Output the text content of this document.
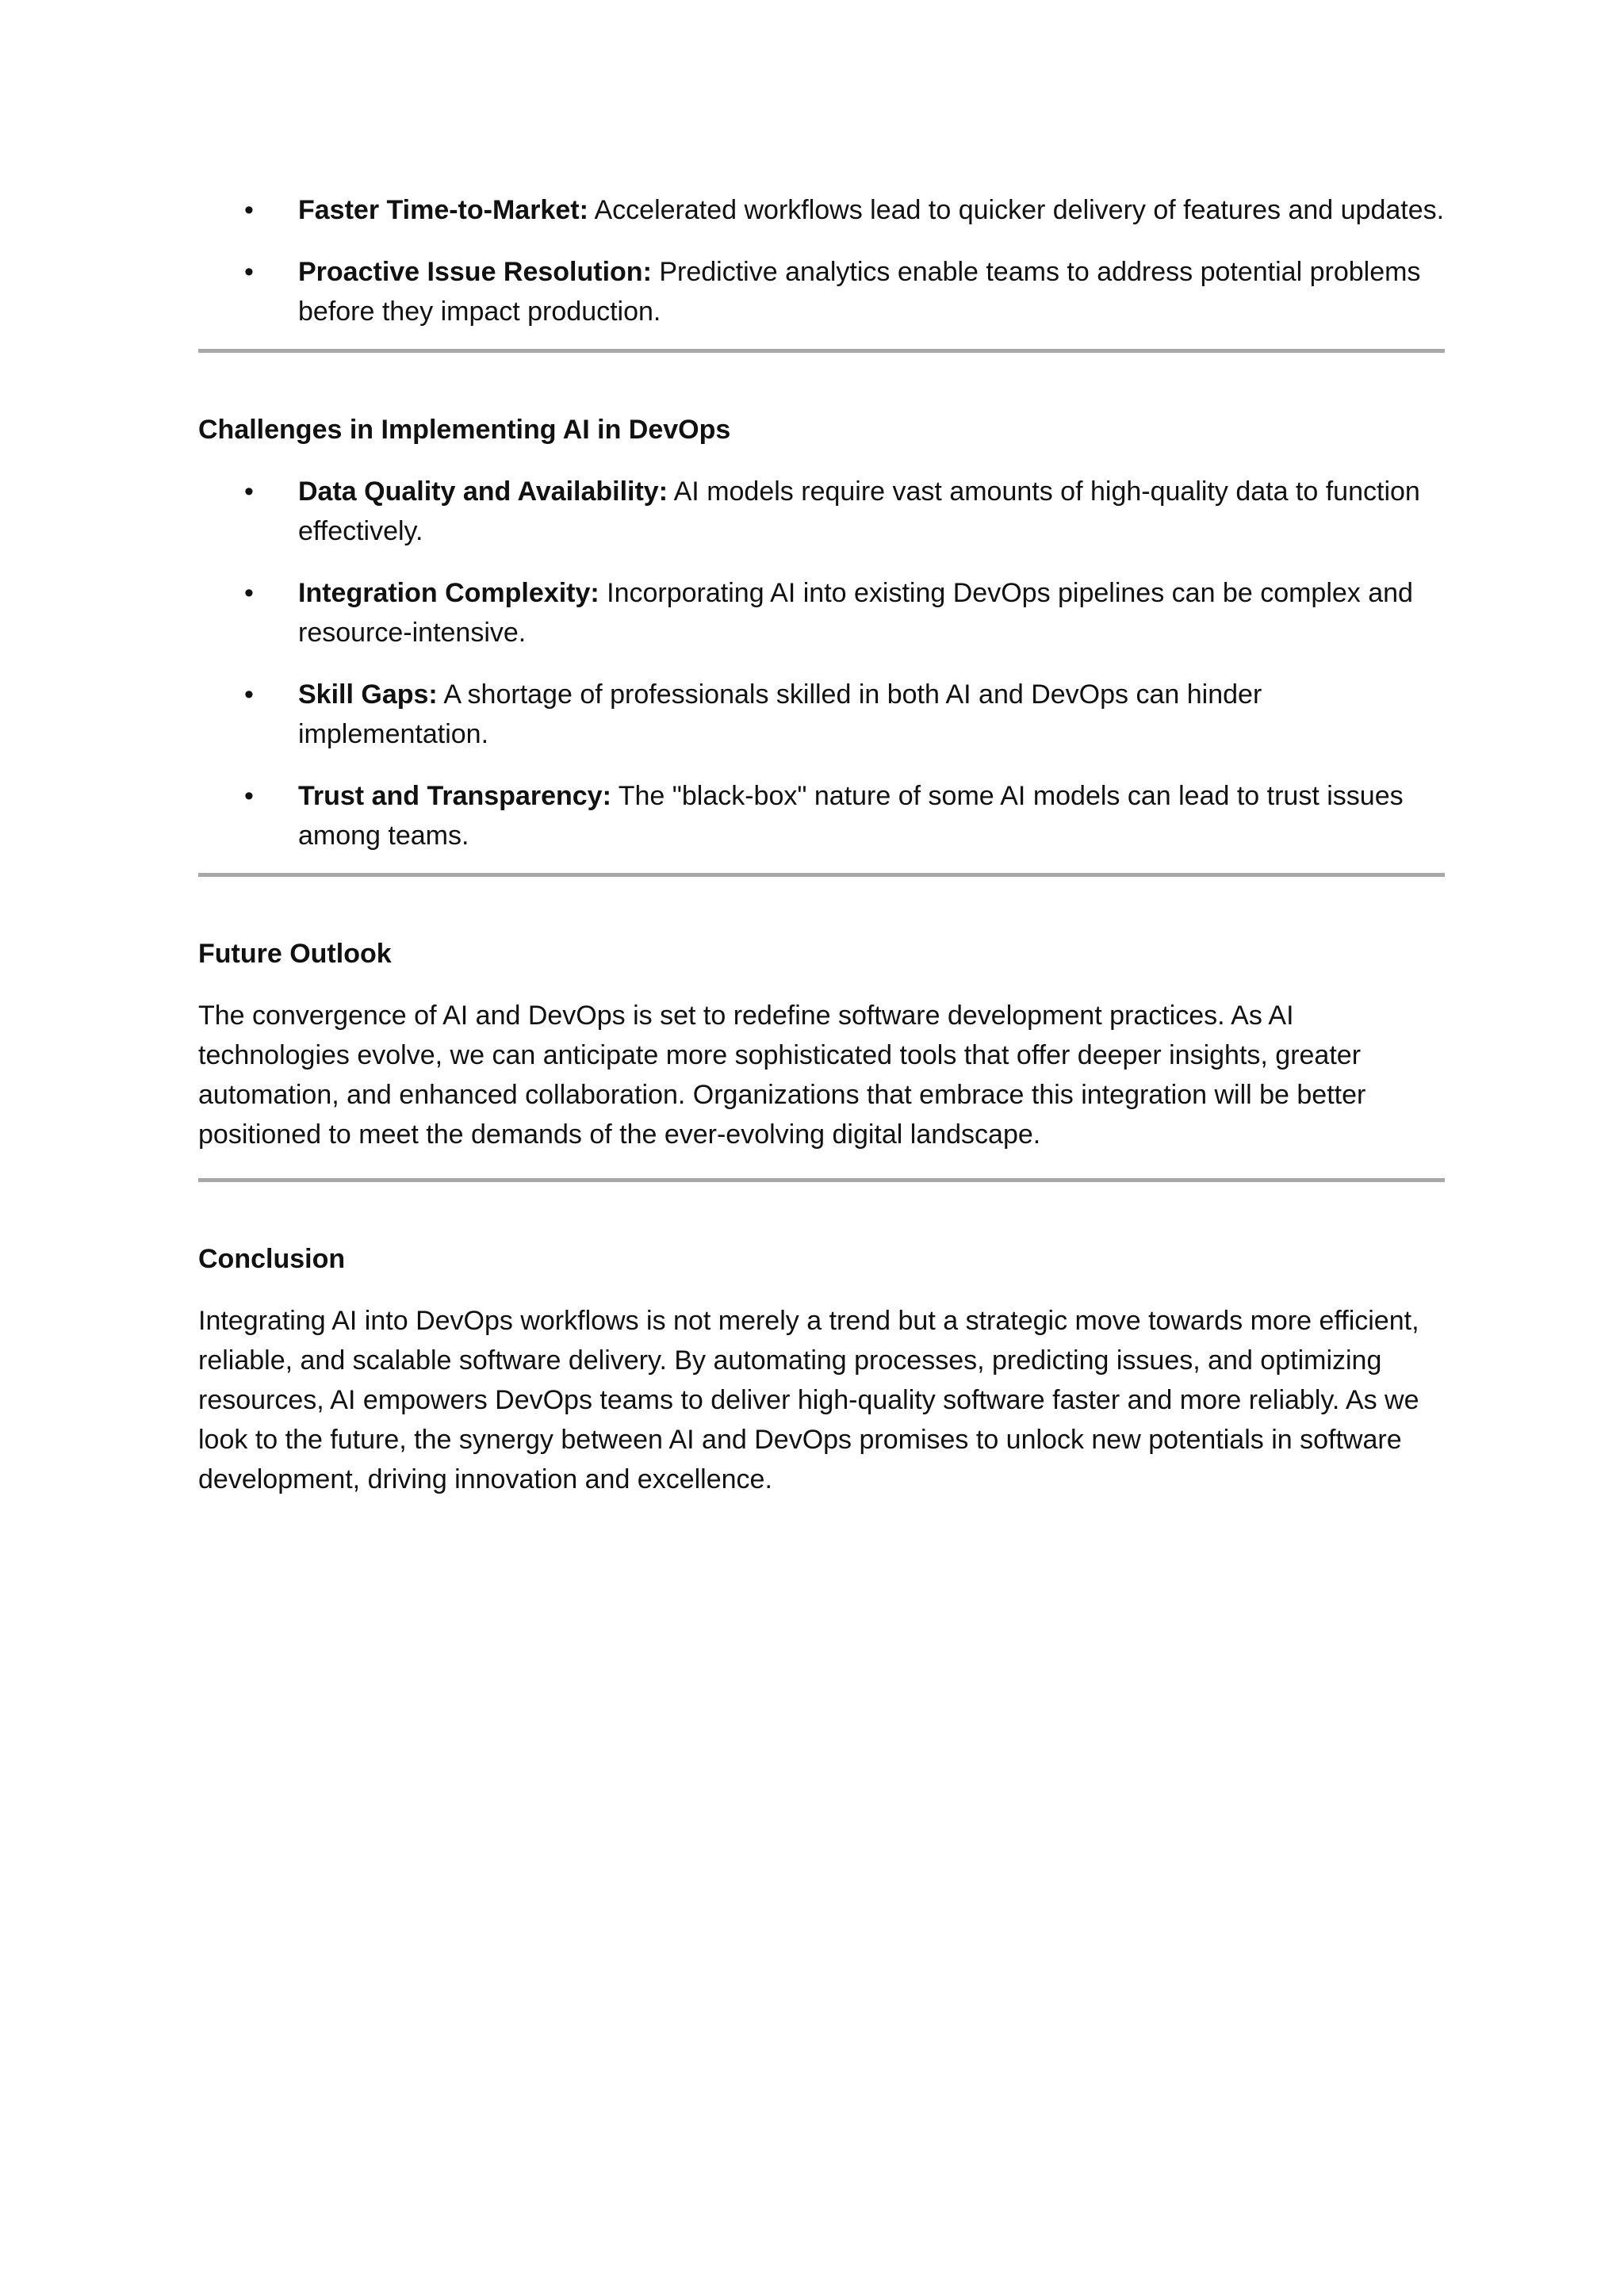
• Faster Time-to-Market: Accelerated workflows lead to quicker delivery of features and updates.
• Proactive Issue Resolution: Predictive analytics enable teams to address potential problems before they impact production.
Challenges in Implementing AI in DevOps
• Data Quality and Availability: AI models require vast amounts of high-quality data to function effectively.
• Integration Complexity: Incorporating AI into existing DevOps pipelines can be complex and resource-intensive.
• Skill Gaps: A shortage of professionals skilled in both AI and DevOps can hinder implementation.
• Trust and Transparency: The "black-box" nature of some AI models can lead to trust issues among teams.
Future Outlook

The convergence of AI and DevOps is set to redefine software development practices. As AI technologies evolve, we can anticipate more sophisticated tools that offer deeper insights, greater automation, and enhanced collaboration. Organizations that embrace this integration will be better positioned to meet the demands of the ever-evolving digital landscape.

Conclusion

Integrating AI into DevOps workflows is not merely a trend but a strategic move towards more efficient, reliable, and scalable software delivery. By automating processes, predicting issues, and optimizing resources, AI empowers DevOps teams to deliver high-quality software faster and more reliably. As we look to the future, the synergy between AI and DevOps promises to unlock new potentials in software development, driving innovation and excellence.
